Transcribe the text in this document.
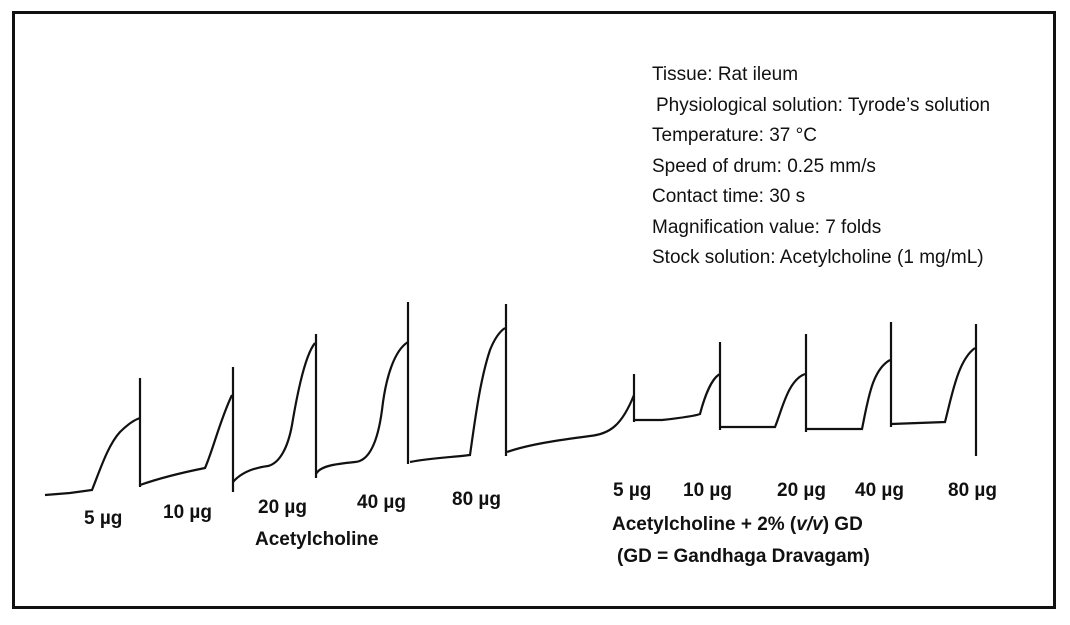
Tissue: Rat ileum
Physiological solution: Tyrode’s solution
Temperature: 37 °C
Speed of drum: 0.25 mm/s
Contact time: 30 s
Magnification value: 7 folds
Stock solution: Acetylcholine (1 mg/mL)
5 µg 10 µg 20 µg	40 µg 80 µg
Acetylcholine
5 µg 10 µg 20 µg 40 µg 80 µg
Acetylcholine + 2% (v/v) GD
(GD = Gandhaga Dravagam)
